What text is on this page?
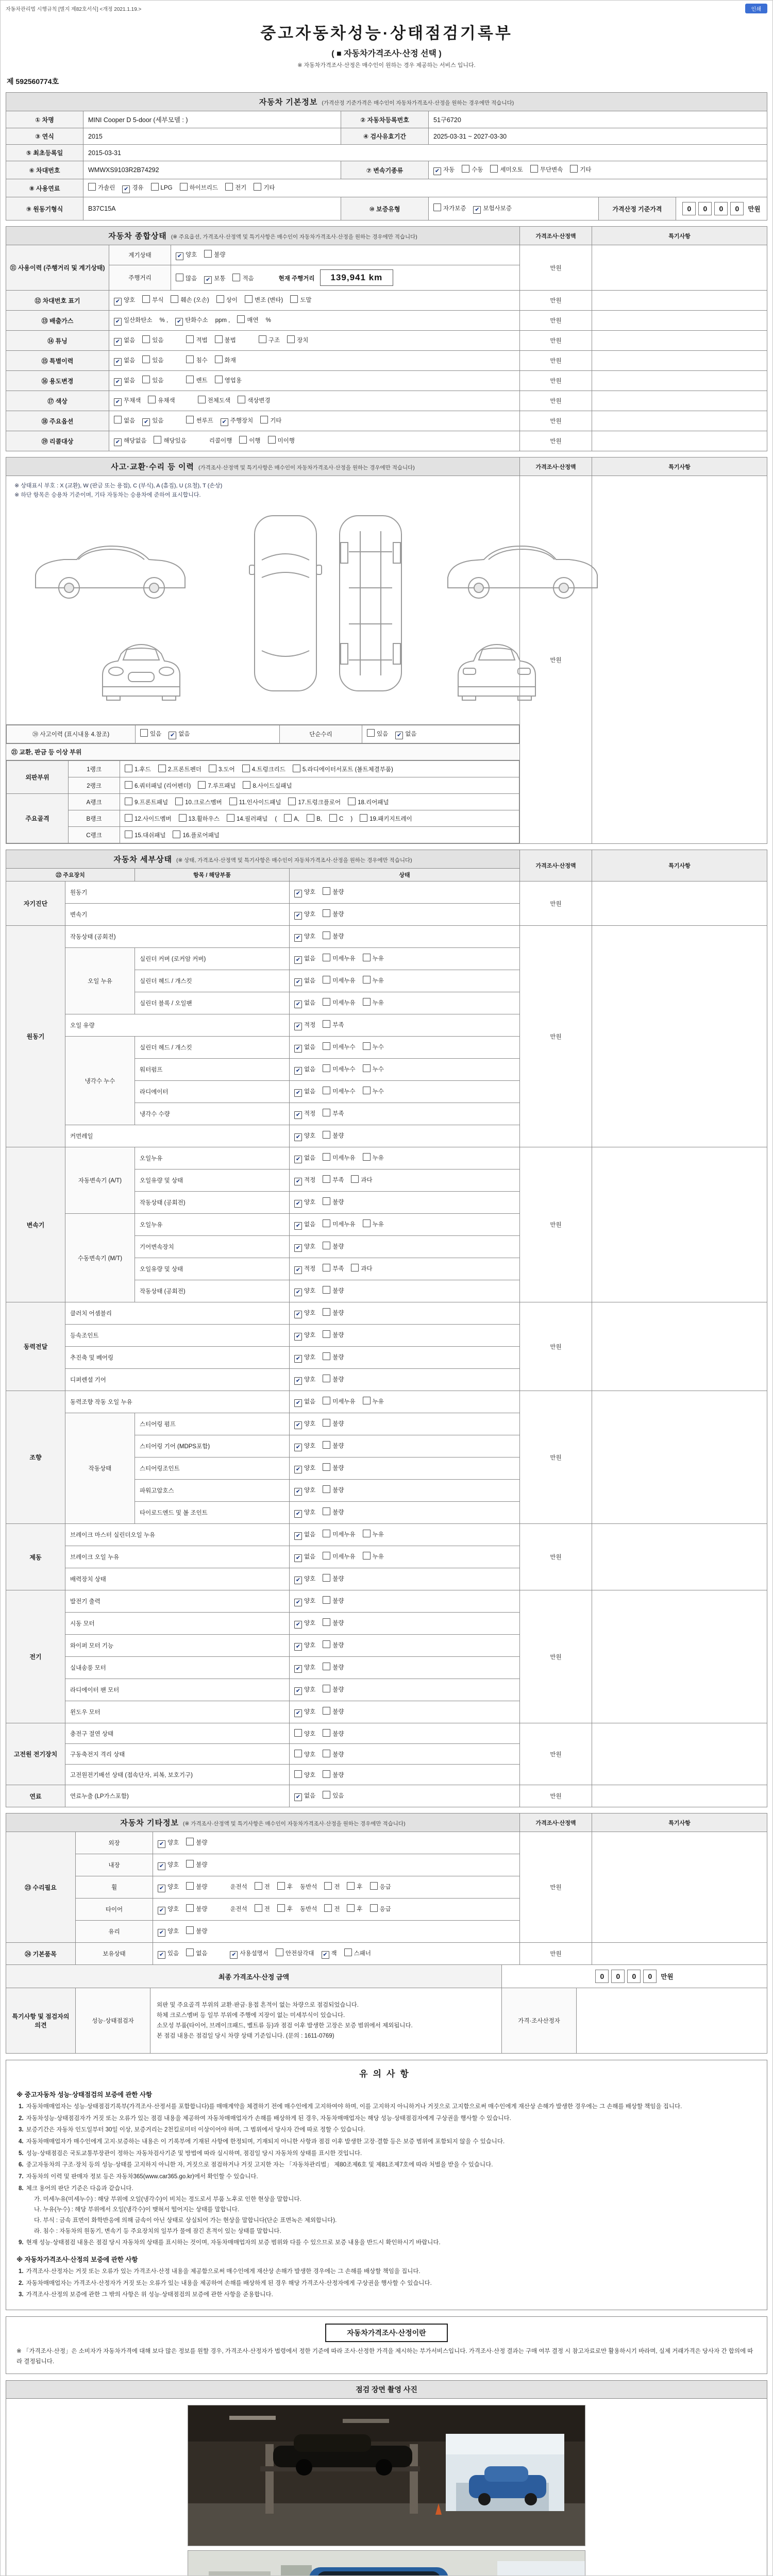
자동차관리법 시행규칙 [별지 제82호서식] <개정 2021.1.19.>	인쇄
중고자동차성능·상태점검기록부
( ■ 자동차가격조사·산정 선택 )
※ 자동차가격조사·산정은 매수인이 원하는 경우 제공하는 서비스 입니다.
제 592560774호
자동차 기본정보 (가격산정 기준가격은 매수인이 자동차가격조사·산정을 원하는 경우에만 적습니다)					
① 차명	MINI Cooper D 5-door (세부모델 : )	② 자동차등록번호	51구6720		
③ 연식	2015	④ 검사유효기간	2025-03-31 ~ 2027-03-30		
⑤ 최초등록일	2015-03-31				
⑥ 차대번호	WMWXS9103R2B74292	⑦ 변속기종류	✔ 자동 수동 세미오토 무단변속 기타		
⑧ 사용연료	가솔린 ✔ 경유 LPG 하이브리드 전기 기타				
⑨ 원동기형식	B37C15A	⑩ 보증유형	자가보증 ✔ 보험사보증	가격산정 기준가격	0 0 0 0 만원
자동차 종합상태 (※ 주요옵션, 가격조사·산정액 및 특기사항은 매수인이 자동차가격조사·산정을 원하는 경우에만 적습니다)			가격조사·산정액	특기사항
⑪ 사용이력 (주행거리 및 계기상태)	계기상태	✔ 양호 불량	만원	
	주행거리	많음 ✔ 보통 적음 현재 주행거리 139,941 km		
⑫ 차대번호 표기	✔ 양호 부식 훼손 (오손) 상이 변조 (변타) 도말		만원	
⑬ 배출가스	✔ 일산화탄소 % , ✔ 탄화수소 ppm , 매연 %		만원	
⑭ 튜닝	✔ 없음 있음 적법 불법 구조 장치		만원	
⑮ 특별이력	✔ 없음 있음 침수 화재		만원	
⑯ 용도변경	✔ 없음 있음 렌트 영업용		만원	
⑰ 색상	✔ 무채색 유채색 전체도색 색상변경		만원	
⑱ 주요옵션	없음 ✔ 있음 썬루프 ✔ 주행장치 기타		만원	
⑲ 리콜대상	✔ 해당없음 해당있음 리콜이행 이행 미이행		만원	
사고·교환·수리 등 이력 (가격조사·산정액 및 특기사항은 매수인이 자동차가격조사·산정을 원하는 경우에만 적습니다)	가격조사·산정액	특기사항

※ 상태표시 부호 : X (교환), W (판금 또는 용접), C (부식), A (흠집), U (요철), T (손상)
※ 하단 항목은 승용차 기준이며, 기타 자동차는 승용차에 준하여 표시합니다.
	만원	

⑳ 사고이력 (표시내용 4.참조)	있음 ✔ 없음	단순수리	있음 ✔ 없음

㉑ 교환, 판금 등 이상 부위
외판부위	1랭크	1.후드	2.프론트펜더	3.도어	4.트렁크리드	5.라디에이터서포트 (볼트체결부품)
2랭크	6.쿼터패널 (리어펜더)	7.루프패널	8.사이드실패널
주요골격	A랭크	9.프론트패널	10.크로스멤버	11.인사이드패널	17.트렁크플로어	18.리어패널
B랭크	12.사이드멤버	13.휠하우스	14.필러패널 (	A,	B,	C )	19.패키지트레이
C랭크	15.대쉬패널	16.플로어패널
자동차 세부상태 (※ 상태, 가격조사·산정액 및 특기사항은 매수인이 자동차가격조사·산정을 원하는 경우에만 적습니다)				가격조사·산정액	특기사항
㉒ 주요장치		항목 / 해당부품	상태		
자기진단	원동기		✔ 양호 불량	만원	
	변속기		✔ 양호 불량		
원동기	작동상태 (공회전)		✔ 양호 불량	만원	
	오일 누유	실린더 커버 (로커암 커버)	✔ 없음 미세누유 누유		
		실린더 헤드 / 개스킷	✔ 없음 미세누유 누유		
		실린더 블록 / 오일팬	✔ 없음 미세누유 누유		
	오일 유량		✔ 적정 부족		
	냉각수 누수	실린더 헤드 / 개스킷	✔ 없음 미세누수 누수		
		워터펌프	✔ 없음 미세누수 누수		
		라디에이터	✔ 없음 미세누수 누수		
		냉각수 수량	✔ 적정 부족		
	커먼레일		✔ 양호 불량		
변속기	자동변속기 (A/T)	오일누유	✔ 없음 미세누유 누유	만원	
		오일유량 및 상태	✔ 적정 부족 과다		
		작동상태 (공회전)	✔ 양호 불량		
	수동변속기 (M/T)	오일누유	✔ 없음 미세누유 누유		
		기어변속장치	✔ 양호 불량		
		오일유량 및 상태	✔ 적정 부족 과다		
		작동상태 (공회전)	✔ 양호 불량		
동력전달	클러치 어셈블리		✔ 양호 불량	만원	
	등속조인트		✔ 양호 불량		
	추진축 및 베어링		✔ 양호 불량		
	디퍼렌셜 기어		✔ 양호 불량		
조향	동력조향 작동 오일 누유		✔ 없음 미세누유 누유	만원	
	작동상태	스티어링 펌프	✔ 양호 불량		
		스티어링 기어 (MDPS포함)	✔ 양호 불량		
		스티어링조인트	✔ 양호 불량		
		파워고압호스	✔ 양호 불량		
		타이로드엔드 및 볼 조인트	✔ 양호 불량		
제동	브레이크 마스터 실린더오일 누유		✔ 없음 미세누유 누유	만원	
	브레이크 오일 누유		✔ 없음 미세누유 누유		
	배력장치 상태		✔ 양호 불량		
전기	발전기 출력		✔ 양호 불량	만원	
	시동 모터		✔ 양호 불량		
	와이퍼 모터 기능		✔ 양호 불량		
	실내송풍 모터		✔ 양호 불량		
	라디에이터 팬 모터		✔ 양호 불량		
	윈도우 모터		✔ 양호 불량		
고전원 전기장치	충전구 절연 상태		양호 불량	만원	
	구동축전지 격리 상태		양호 불량		
	고전원전기배선 상태 (접속단자, 피복, 보호기구)		양호 불량		
연료	연료누출 (LP가스포함)		✔ 없음 있음	만원	
자동차 기타정보 (※ 가격조사·산정액 및 특기사항은 매수인이 자동차가격조사·산정을 원하는 경우에만 적습니다)			가격조사·산정액	특기사항
㉓ 수리필요	외장	✔ 양호 불량	만원	
	내장	✔ 양호 불량		
	휠	✔ 양호 불량 운전석 전 후 동반석 전 후 응급		
	타이어	✔ 양호 불량 운전석 전 후 동반석 전 후 응급		
	유리	✔ 양호 불량		
㉔ 기본품목	보유상태	✔ 있음 없음 ✔ 사용설명서 안전삼각대 ✔ 잭 스패너	만원	
최종 가격조사·산정 금액			0 0 0 0 만원	
특기사항 및 점검자의 의견	성능·상태점검자	외판 및 주요골격 부위의 교환·판금·용접 흔적이 없는 차량으로 점검되었습니다.
하체 크로스멤버 등 일부 부위에 주행에 지장이 없는 미세부식이 있습니다.
소모성 부품(타이어, 브레이크패드, 벨트류 등)과 점검 이후 발생한 고장은 보증 범위에서 제외됩니다.
본 점검 내용은 점검일 당시 차량 상태 기준입니다. (문의 : 1611-0769)	가격·조사산정자	
유의사항
※ 중고자동차 성능·상태점검의 보증에 관한 사항
1. 자동차매매업자는 성능·상태점검기록부(가격조사·산정서를 포함합니다)를 매매계약을 체결하기 전에 매수인에게 고지하여야 하며, 이를 고지하지 아니하거나 거짓으로 고지함으로써 매수인에게 재산상 손해가 발생한 경우에는 그 손해를 배상할 책임을 집니다.
2. 자동차성능·상태점검자가 거짓 또는 오류가 있는 점검 내용을 제공하여 자동차매매업자가 손해를 배상하게 된 경우, 자동차매매업자는 해당 성능·상태점검자에게 구상권을 행사할 수 있습니다.
3. 보증기간은 자동차 인도일부터 30일 이상, 보증거리는 2천킬로미터 이상이어야 하며, 그 범위에서 당사자 간에 따로 정할 수 있습니다.
4. 자동차매매업자가 매수인에게 고지·보증하는 내용은 이 기록부에 기재된 사항에 한정되며, 기재되지 아니한 사항과 점검 이후 발생한 고장·결함 등은 보증 범위에 포함되지 않을 수 있습니다.
5. 성능·상태점검은 국토교통부장관이 정하는 자동차검사기준 및 방법에 따라 실시하며, 점검일 당시 자동차의 상태를 표시한 것입니다.
6. 중고자동차의 구조·장치 등의 성능·상태를 고지하지 아니한 자, 거짓으로 점검하거나 거짓 고지한 자는 「자동차관리법」 제80조제6호 및 제81조제7호에 따라 처벌을 받을 수 있습니다.
7. 자동차의 이력 및 판매자 정보 등은 자동차365(www.car365.go.kr)에서 확인할 수 있습니다.
8. 체크 용어의 판단 기준은 다음과 같습니다.
가. 미세누유(미세누수) : 해당 부위에 오일(냉각수)이 비치는 정도로서 부품 노후로 인한 현상을 말합니다.
나. 누유(누수) : 해당 부위에서 오일(냉각수)이 맺혀서 떨어지는 상태를 말합니다.
다. 부식 : 금속 표면이 화학반응에 의해 금속이 아닌 상태로 상실되어 가는 현상을 말합니다(단순 표면녹은 제외합니다).
라. 침수 : 자동차의 원동기, 변속기 등 주요장치의 일부가 물에 잠긴 흔적이 있는 상태를 말합니다.
9. 현재 성능·상태점검 내용은 점검 당시 자동차의 상태를 표시하는 것이며, 자동차매매업자의 보증 범위와 다를 수 있으므로 보증 내용을 반드시 확인하시기 바랍니다.
※ 자동차가격조사·산정의 보증에 관한 사항
1. 가격조사·산정자는 거짓 또는 오류가 있는 가격조사·산정 내용을 제공함으로써 매수인에게 재산상 손해가 발생한 경우에는 그 손해를 배상할 책임을 집니다.
2. 자동차매매업자는 가격조사·산정자가 거짓 또는 오류가 있는 내용을 제공하여 손해를 배상하게 된 경우 해당 가격조사·산정자에게 구상권을 행사할 수 있습니다.
3. 가격조사·산정의 보증에 관한 그 밖의 사항은 위 성능·상태점검의 보증에 관한 사항을 준용합니다.
자동차가격조사·산정이란
※ 「가격조사·산정」은 소비자가 자동차가격에 대해 보다 많은 정보를 원할 경우, 가격조사·산정자가 법령에서 정한 기준에 따라 조사·산정한 가격을 제시하는 부가서비스입니다. 가격조사·산정 결과는 구매 여부 결정 시 참고자료로만 활용하시기 바라며, 실제 거래가격은 당사자 간 합의에 따라 결정됩니다.
점검 장면 촬영 사진
